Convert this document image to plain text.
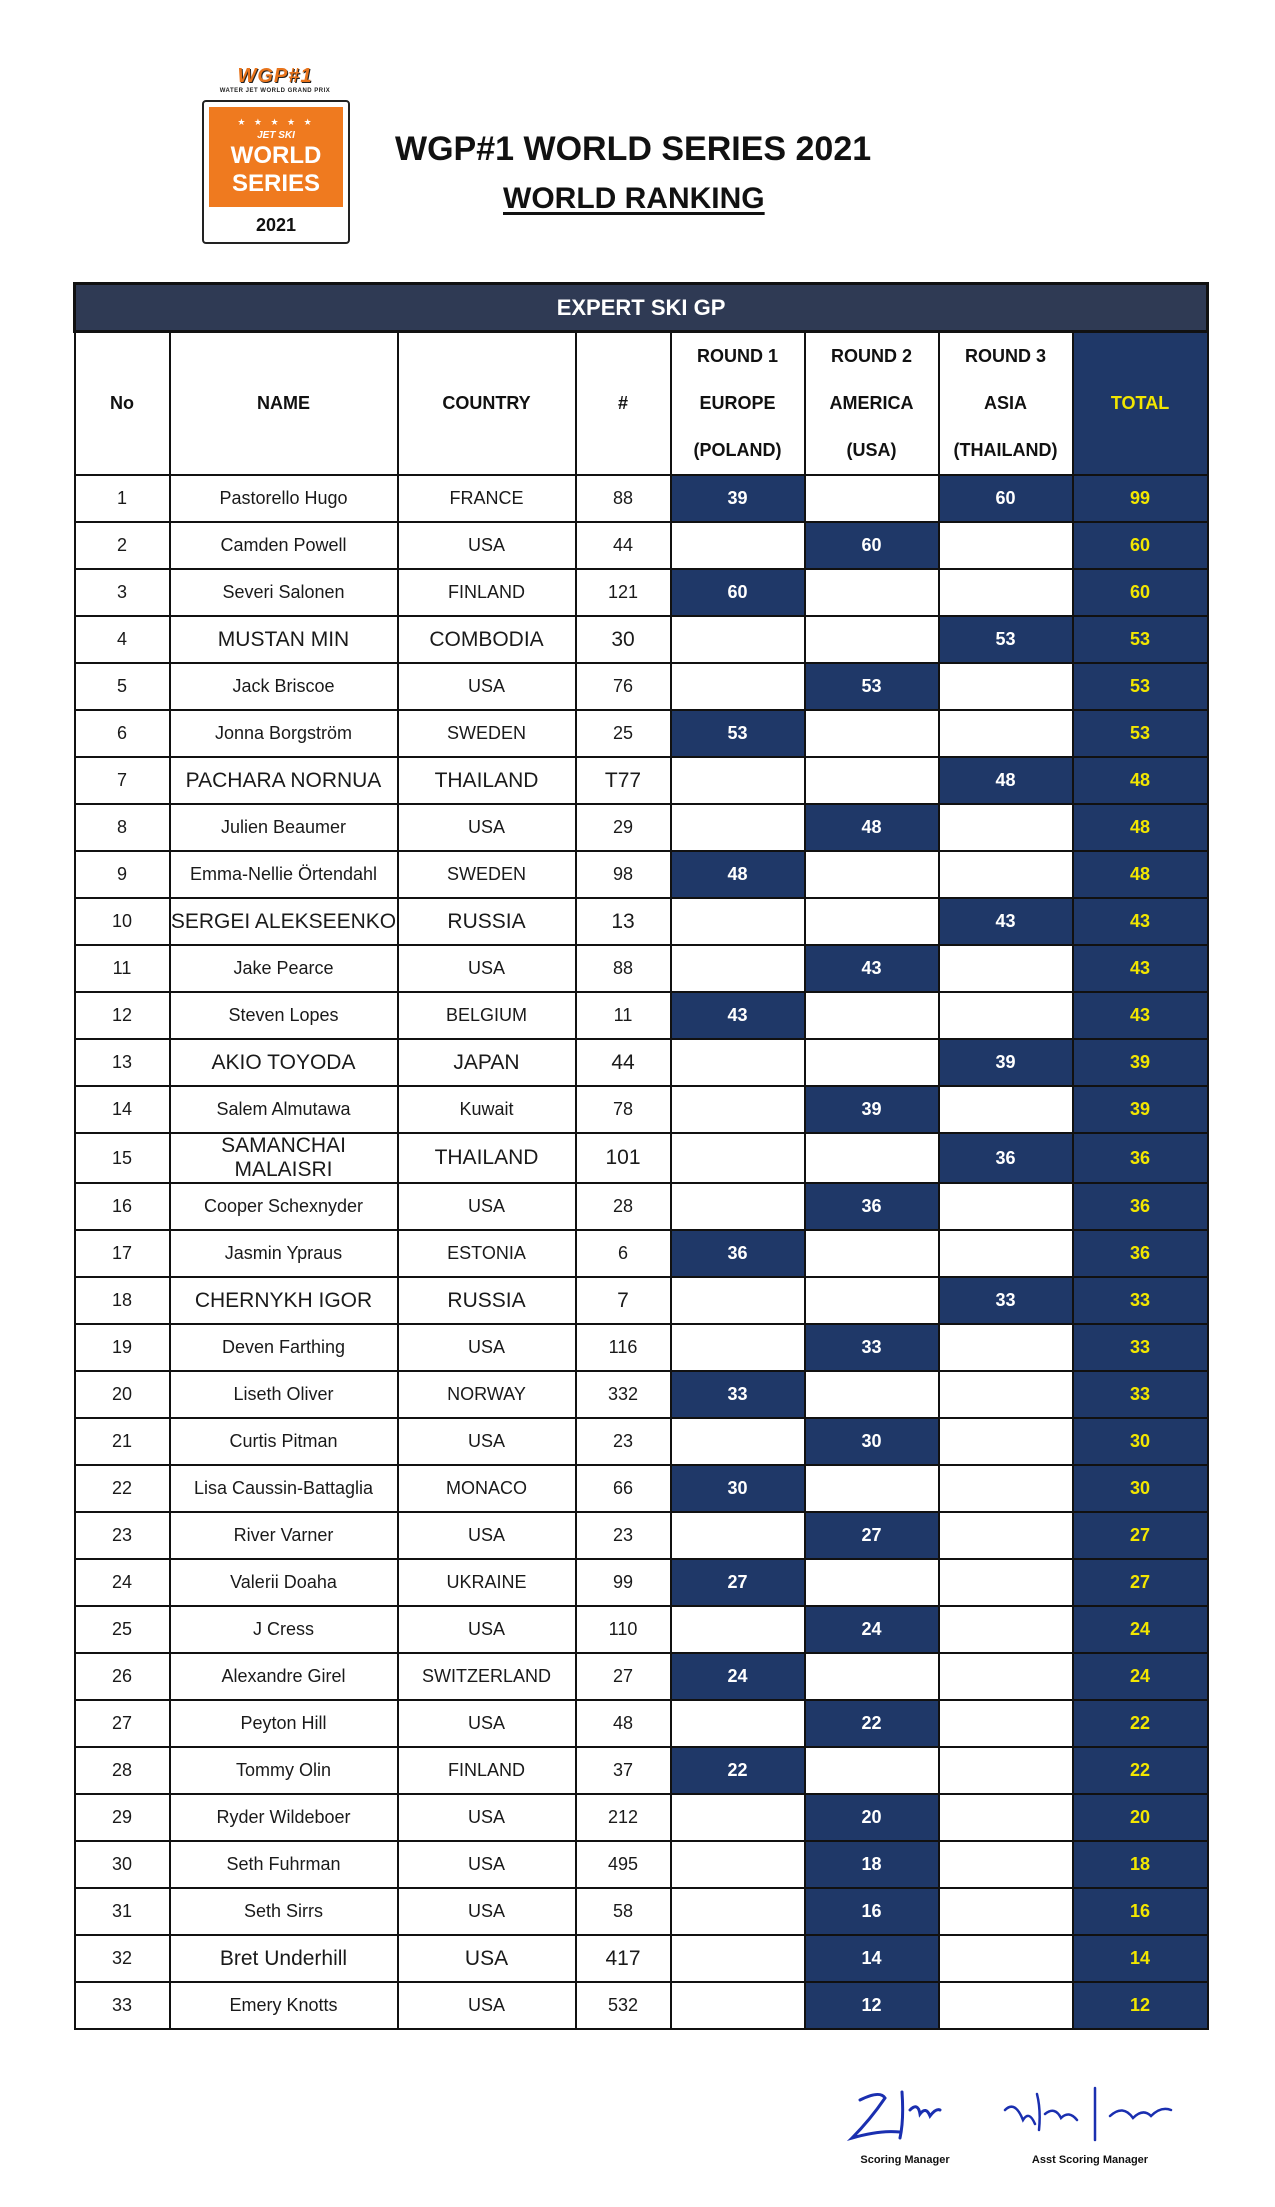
WGP#1
WATER JET WORLD GRAND PRIX
★ ★ ★ ★ ★
JET SKI
WORLD
SERIES
2021
WGP#1 WORLD SERIES 2021
WORLD RANKING
EXPERT SKI GP							
No	NAME	COUNTRY	#	ROUND 1
EUROPE
(POLAND)	ROUND 2
AMERICA
(USA)	ROUND 3
ASIA
(THAILAND)	TOTAL
1	Pastorello Hugo	FRANCE	88	39		60	99
2	Camden Powell	USA	44		60		60
3	Severi Salonen	FINLAND	121	60			60
4	MUSTAN MIN	COMBODIA	30			53	53
5	Jack Briscoe	USA	76		53		53
6	Jonna Borgström	SWEDEN	25	53			53
7	PACHARA NORNUA	THAILAND	T77			48	48
8	Julien Beaumer	USA	29		48		48
9	Emma-Nellie Örtendahl	SWEDEN	98	48			48
10	SERGEI ALEKSEENKO	RUSSIA	13			43	43
11	Jake Pearce	USA	88		43		43
12	Steven Lopes	BELGIUM	11	43			43
13	AKIO TOYODA	JAPAN	44			39	39
14	Salem Almutawa	Kuwait	78		39		39
15	SAMANCHAI MALAISRI	THAILAND	101			36	36
16	Cooper Schexnyder	USA	28		36		36
17	Jasmin Ypraus	ESTONIA	6	36			36
18	CHERNYKH IGOR	RUSSIA	7			33	33
19	Deven Farthing	USA	116		33		33
20	Liseth Oliver	NORWAY	332	33			33
21	Curtis Pitman	USA	23		30		30
22	Lisa Caussin-Battaglia	MONACO	66	30			30
23	River Varner	USA	23		27		27
24	Valerii Doaha	UKRAINE	99	27			27
25	J Cress	USA	110		24		24
26	Alexandre Girel	SWITZERLAND	27	24			24
27	Peyton Hill	USA	48		22		22
28	Tommy Olin	FINLAND	37	22			22
29	Ryder Wildeboer	USA	212		20		20
30	Seth Fuhrman	USA	495		18		18
31	Seth Sirrs	USA	58		16		16
32	Bret Underhill	USA	417		14		14
33	Emery Knotts	USA	532		12		12
Scoring Manager	Asst Scoring Manager
